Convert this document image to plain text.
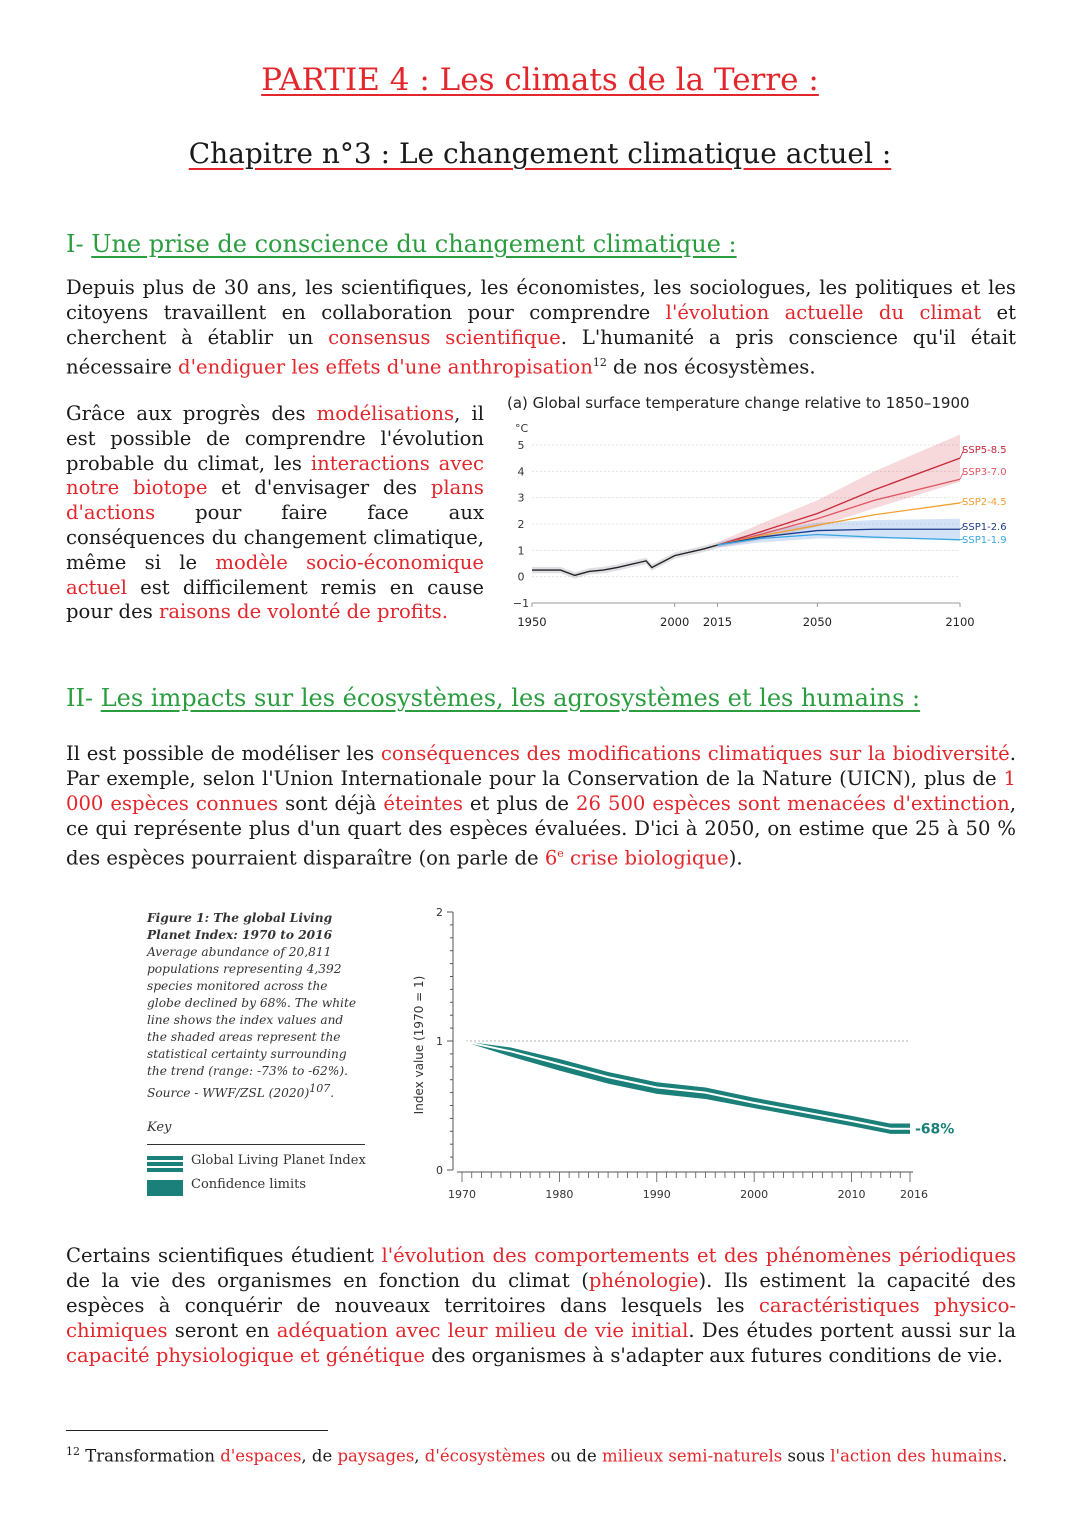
PARTIE 4 : Les climats de la Terre :
Chapitre n°3 : Le changement climatique actuel :
I- Une prise de conscience du changement climatique :

Depuis plus de 30 ans, les scientifiques, les économistes, les sociologues, les politiques et les citoyens travaillent en collaboration pour comprendre l'évolution actuelle du climat et cherchent à établir un consensus scientifique. L'humanité a pris conscience qu'il était nécessaire d'endiguer les effets d'une anthropisation$^{12}$ de nos écosystèmes.

Grâce aux progrès des modélisations, il est possible de comprendre l'évolution probable du climat, les interactions avec notre biotope et d'envisager des plans d'actions pour faire face aux conséquences du changement climatique, même si le modèle socio-économique actuel est difficilement remis en cause pour des raisons de volonté de profits.

(a) Global surface temperature change relative to 1850–1900
°C
5
4
3
2
1
0
−1
1950	2000 2015	2050	2100
SSP5-8.5
SSP3-7.0
SSP2-4.5
SSP1-2.6
SSP1-1.9
II- Les impacts sur les écosystèmes, les agrosystèmes et les humains :

Il est possible de modéliser les conséquences des modifications climatiques sur la biodiversité. Par exemple, selon l'Union Internationale pour la Conservation de la Nature (UICN), plus de 1 000 espèces connues sont déjà éteintes et plus de 26 500 espèces sont menacées d'extinction, ce qui représente plus d'un quart des espèces évaluées. D'ici à 2050, on estime que 25 à 50 % des espèces pourraient disparaître (on parle de 6e crise biologique).

Figure 1: The global Living Planet Index: 1970 to 2016
Average abundance of 20,811 populations representing 4,392 species monitored across the globe declined by 68%. The white line shows the index values and the shaded areas represent the statistical certainty surrounding the trend (range: -73% to -62%). Source - WWF/ZSL $(2020)^{107}$.
Key
Global Living Planet Index
Confidence limits
Index value (1970 = 1)
2
1
0
1970	1980	1990	2000	2010	2016
-68%

Certains scientifiques étudient l'évolution des comportements et des phénomènes périodiques de la vie des organismes en fonction du climat (phénologie). Ils estiment la capacité des espèces à conquérir de nouveaux territoires dans lesquels les caractéristiques physico-chimiques seront en adéquation avec leur milieu de vie initial. Des études portent aussi sur la capacité physiologique et génétique des organismes à s'adapter aux futures conditions de vie.

$^{12}$ Transformation d'espaces, de paysages, d'écosystèmes ou de milieux semi-naturels sous l'action des humains.
